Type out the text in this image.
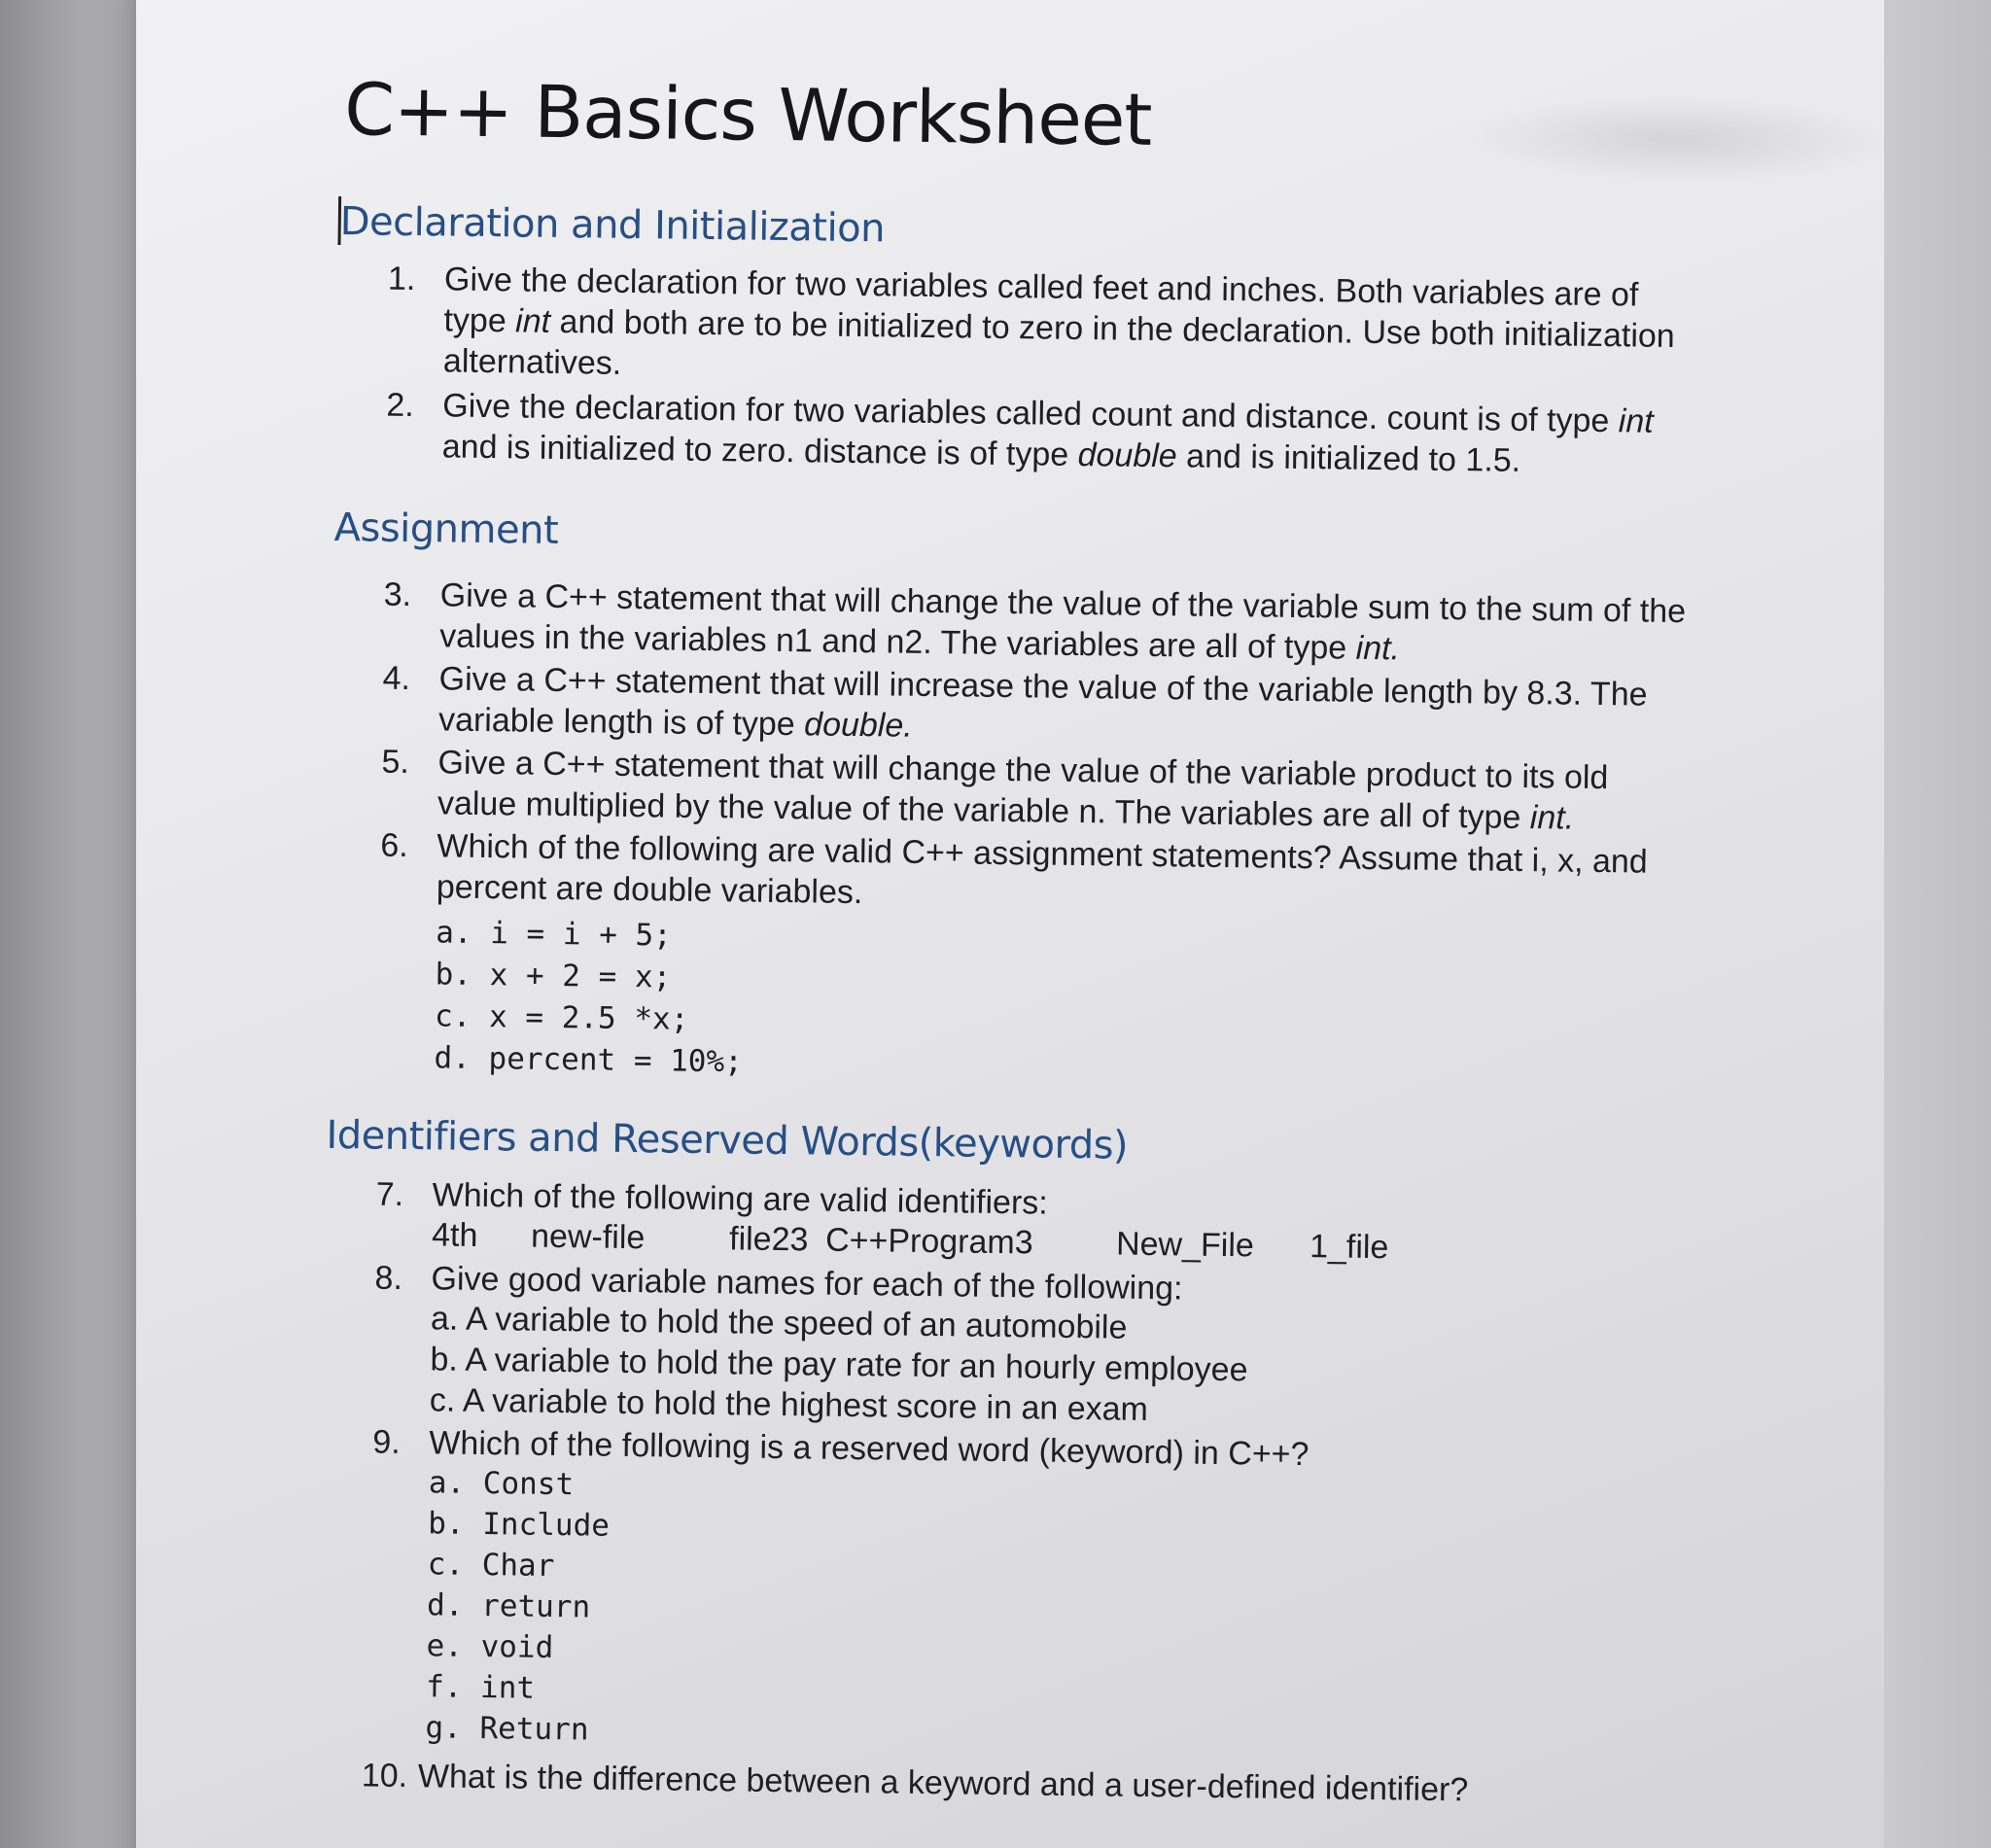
C++ Basics Worksheet
Declaration and Initialization
1. Give the declaration for two variables called feet and inches. Both variables are of type int and both are to be initialized to zero in the declaration. Use both initialization alternatives.
2. Give the declaration for two variables called count and distance. count is of type int and is initialized to zero. distance is of type double and is initialized to 1.5.
Assignment
3. Give a C++ statement that will change the value of the variable sum to the sum of the values in the variables n1 and n2. The variables are all of type int.
4. Give a C++ statement that will increase the value of the variable length by 8.3. The variable length is of type double.
5. Give a C++ statement that will change the value of the variable product to its old value multiplied by the value of the variable n. The variables are all of type int.
6. Which of the following are valid C++ assignment statements? Assume that i, x, and percent are double variables.
a. i = i + 5;
b. x + 2 = x;
c. x = 2.5 *x;
d. percent = 10%;
Identifiers and Reserved Words(keywords)
7. Which of the following are valid identifiers:
4th new-file	file23 C++Program3 New_File 1_file
8. Give good variable names for each of the following:
a. A variable to hold the speed of an automobile
b. A variable to hold the pay rate for an hourly employee
c. A variable to hold the highest score in an exam
9. Which of the following is a reserved word (keyword) in C++?
a. Const
b. Include
c. Char
d. return
e. void
f. int
g. Return
10. What is the difference between a keyword and a user-defined identifier?
